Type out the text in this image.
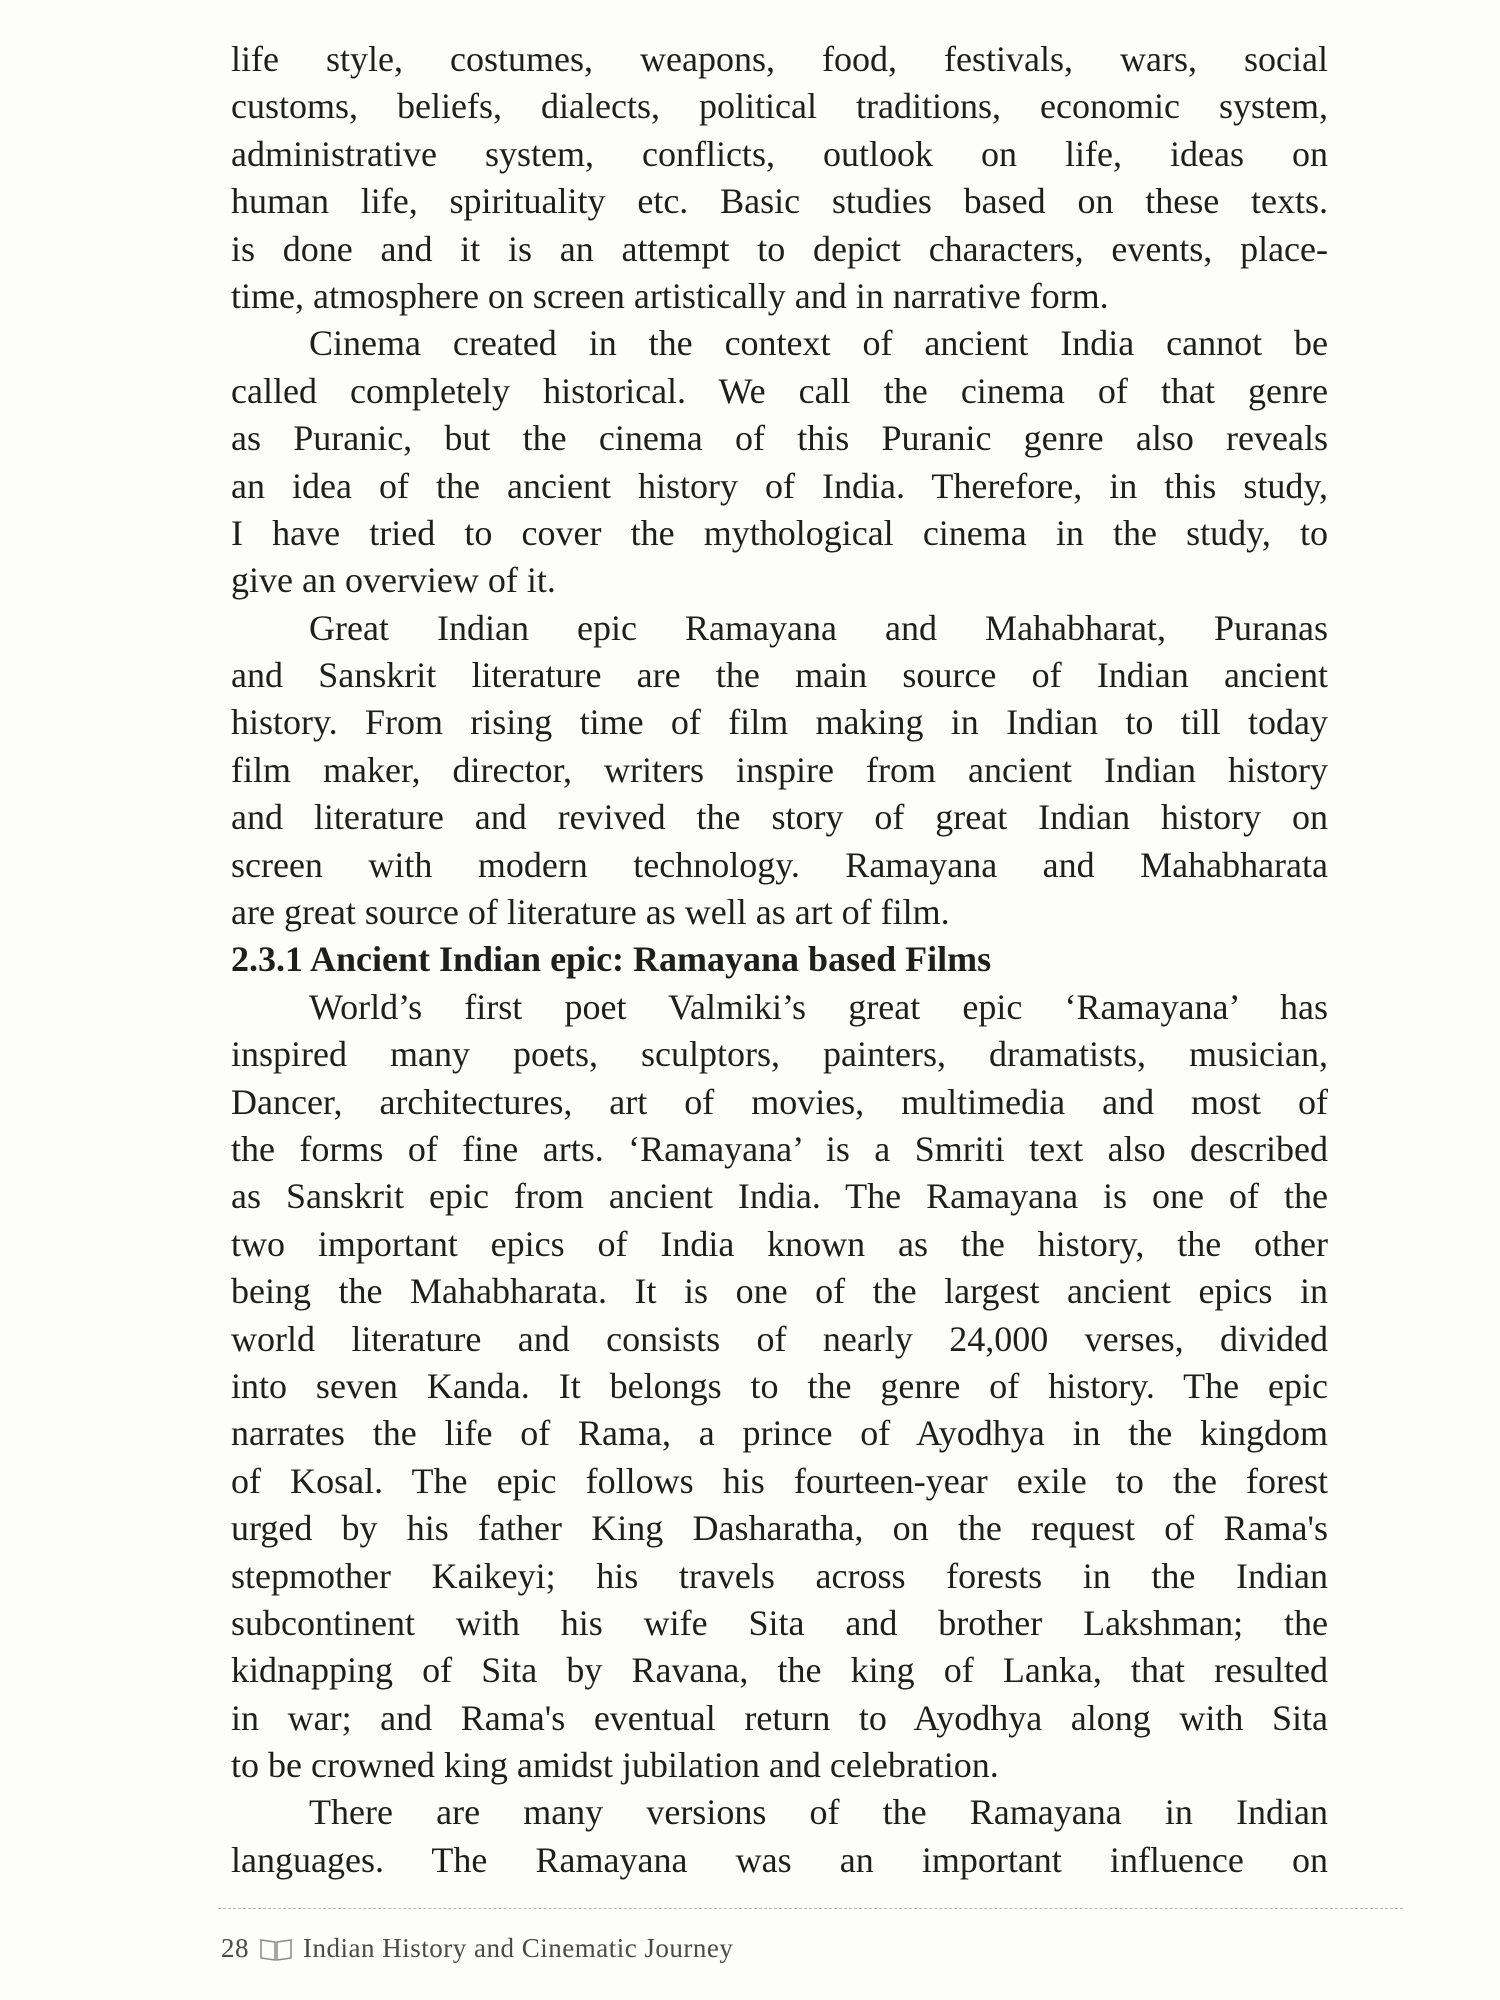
life style, costumes, weapons, food, festivals, wars, social
customs, beliefs, dialects, political traditions, economic system,
administrative system, conflicts, outlook on life, ideas on
human life, spirituality etc. Basic studies based on these texts.
is done and it is an attempt to depict characters, events, place-
time, atmosphere on screen artistically and in narrative form.
Cinema created in the context of ancient India cannot be
called completely historical. We call the cinema of that genre
as Puranic, but the cinema of this Puranic genre also reveals
an idea of the ancient history of India. Therefore, in this study,
I have tried to cover the mythological cinema in the study, to
give an overview of it.
Great Indian epic Ramayana and Mahabharat, Puranas
and Sanskrit literature are the main source of Indian ancient
history. From rising time of film making in Indian to till today
film maker, director, writers inspire from ancient Indian history
and literature and revived the story of great Indian history on
screen with modern technology. Ramayana and Mahabharata
are great source of literature as well as art of film.
2.3.1 Ancient Indian epic: Ramayana based Films
World’s first poet Valmiki’s great epic ‘Ramayana’ has
inspired many poets, sculptors, painters, dramatists, musician,
Dancer, architectures, art of movies, multimedia and most of
the forms of fine arts. ‘Ramayana’ is a Smriti text also described
as Sanskrit epic from ancient India. The Ramayana is one of the
two important epics of India known as the history, the other
being the Mahabharata. It is one of the largest ancient epics in
world literature and consists of nearly 24,000 verses, divided
into seven Kanda. It belongs to the genre of history. The epic
narrates the life of Rama, a prince of Ayodhya in the kingdom
of Kosal. The epic follows his fourteen-year exile to the forest
urged by his father King Dasharatha, on the request of Rama's
stepmother Kaikeyi; his travels across forests in the Indian
subcontinent with his wife Sita and brother Lakshman; the
kidnapping of Sita by Ravana, the king of Lanka, that resulted
in war; and Rama's eventual return to Ayodhya along with Sita
to be crowned king amidst jubilation and celebration.
There are many versions of the Ramayana in Indian
languages. The Ramayana was an important influence on
28 Indian History and Cinematic Journey
